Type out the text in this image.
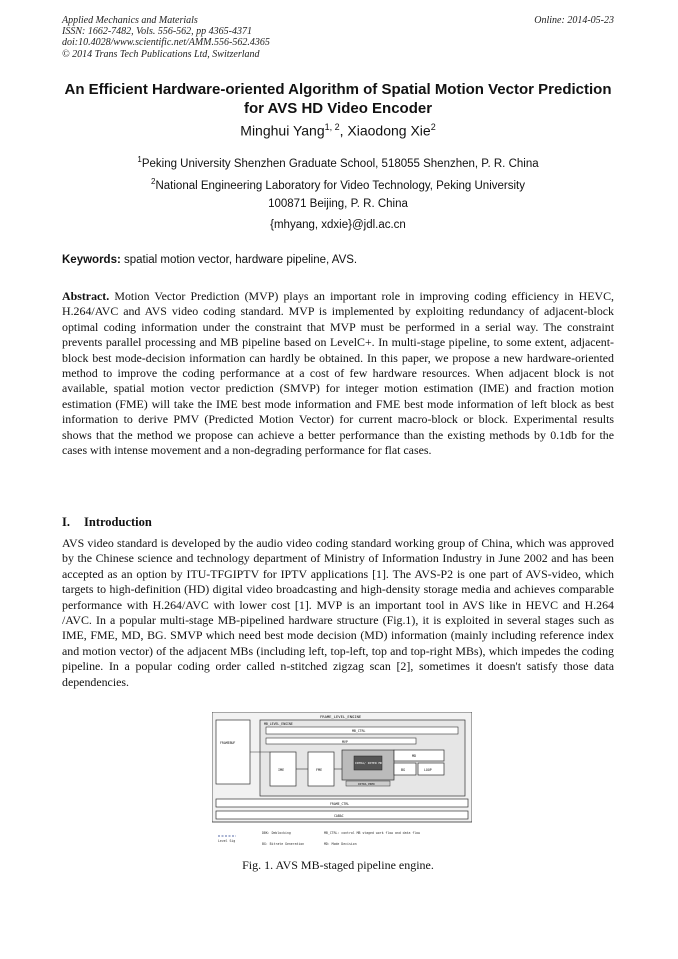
Applied Mechanics and Materials
ISSN: 1662-7482, Vols. 556-562, pp 4365-4371
doi:10.4028/www.scientific.net/AMM.556-562.4365
© 2014 Trans Tech Publications Ltd, Switzerland
Online: 2014-05-23
An Efficient Hardware-oriented Algorithm of Spatial Motion Vector Prediction for AVS HD Video Encoder
Minghui Yang$^{1, 2}$, Xiaodong Xie$^2$
$^1$Peking University Shenzhen Graduate School, 518055 Shenzhen, P. R. China
$^2$National Engineering Laboratory for Video Technology, Peking University
100871 Beijing, P. R. China
{mhyang, xdxie}@jdl.ac.cn
Keywords: spatial motion vector, hardware pipeline, AVS.
Abstract. Motion Vector Prediction (MVP) plays an important role in improving coding efficiency in HEVC, H.264/AVC and AVS video coding standard. MVP is implemented by exploiting redundancy of adjacent-block optimal coding information under the constraint that MVP must be performed in a serial way. The constraint prevents parallel processing and MB pipeline based on LevelC+. In multi-stage pipeline, to some extent, adjacent-block best mode-decision information can hardly be obtained. In this paper, we propose a new hardware-oriented method to improve the coding performance at a cost of few hardware resources. When adjacent block is not available, spatial motion vector prediction (SMVP) for integer motion estimation (IME) and fraction motion estimation (FME) will take the IME best mode information and FME best mode information of left block as best information to derive PMV (Predicted Motion Vector) for current macro-block or block. Experimental results shows that the method we propose can achieve a better performance than the existing methods by 0.1db for the cases with intense movement and a non-degrading performance for flat cases.
I. Introduction
AVS video standard is developed by the audio video coding standard working group of China, which was approved by the Chinese science and technology department of Ministry of Information Industry in June 2002 and has been accepted as an option by ITU-TFGIPTV for IPTV applications [1]. The AVS-P2 is one part of AVS-video, which targets to high-definition (HD) digital video broadcasting and high-density storage media and achieves comparable performance with H.264/AVC with lower cost [1]. MVP is an important tool in AVS like in HEVC and H.264 /AVC. In a popular multi-stage MB-pipelined hardware structure (Fig.1), it is exploited in several stages such as IME, FME, MD, BG. SMVP which need best mode decision (MD) information (mainly including reference index and motion vector) of the adjacent MBs (including left, top-left, top and top-right MBs), which impedes the coding pipeline. In a popular coding order called n-stitched zigzag scan [2], sometimes it doesn't satisfy those data dependencies.
FRAME_LEVEL_ENGINE
FRAMEBUF
MB_LEVEL_ENGINE
MB_CTRL
MVP
IME	FME
INTRA/ INTER MD
INTRA_PRED
MD
BG	LOOP
FRAME_CTRL
CABAC
Level Sig
DBK: Deblocking	MB_CTRL: control MB staged work flow and data flow
BG: Bitrate Generation	MD: Mode Decision
Fig. 1. AVS MB-staged pipeline engine.
